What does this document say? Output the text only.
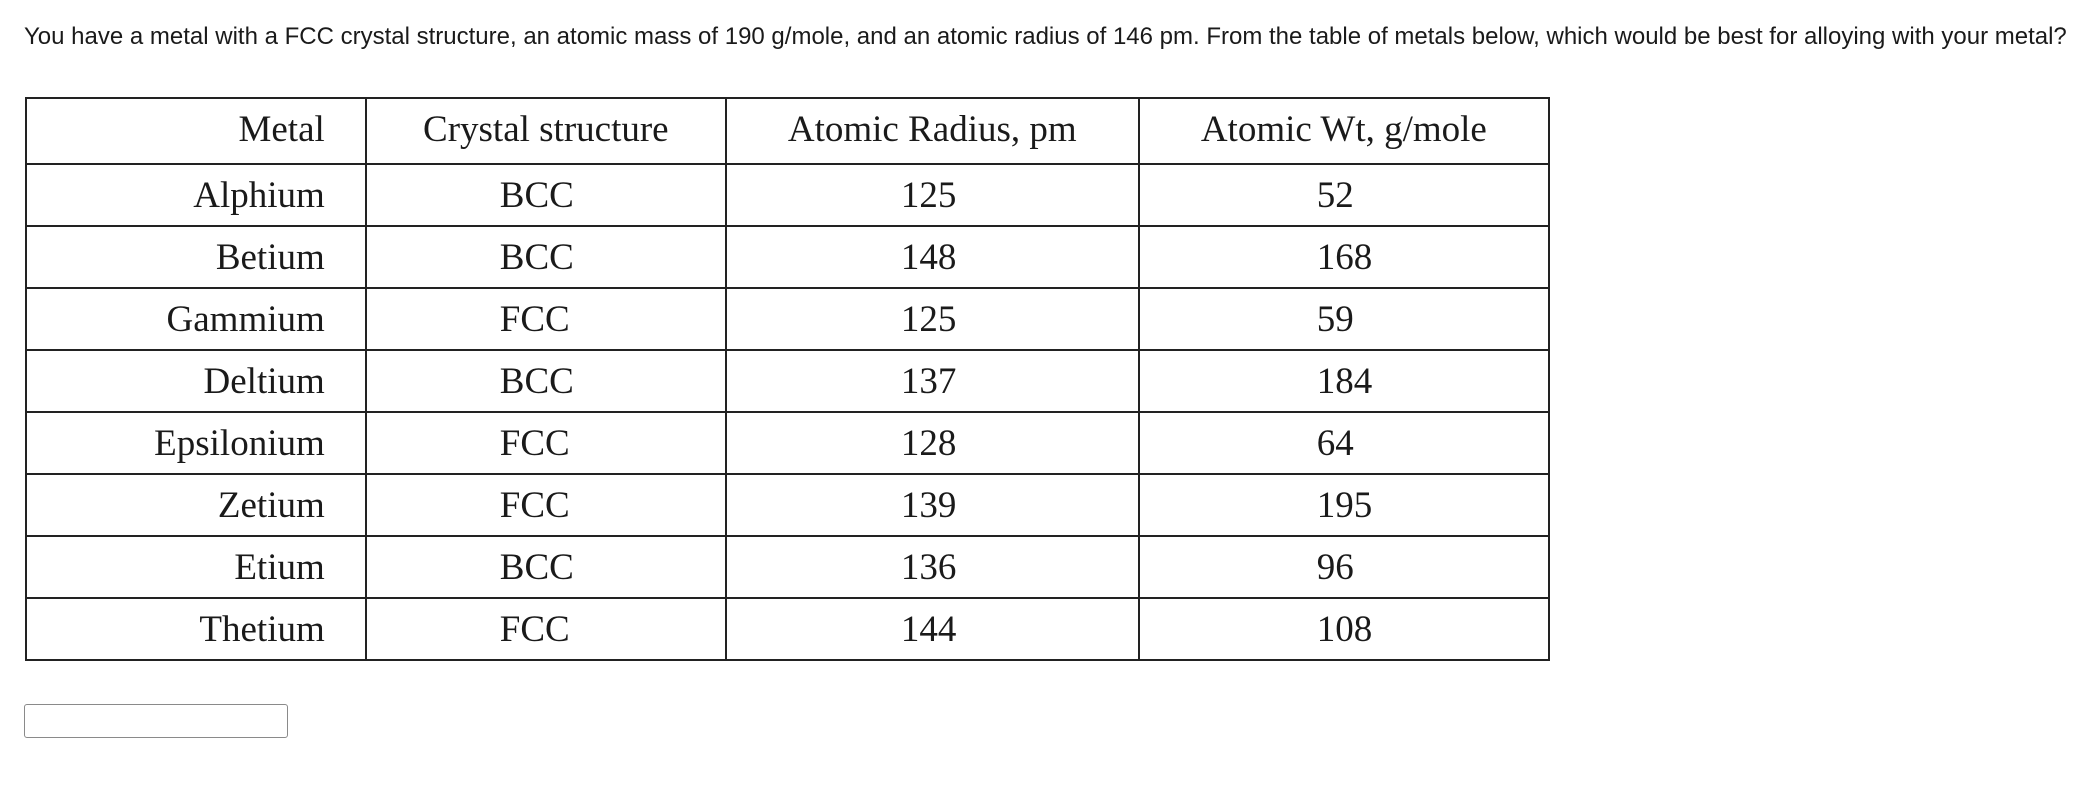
You have a metal with a FCC crystal structure, an atomic mass of 190 g/mole, and an atomic radius of 146 pm. From the table of metals below, which would be best for alloying with your metal?

Metal	Crystal structure	Atomic Radius, pm	Atomic Wt, g/mole
Alphium	BCC	125	52
Betium	BCC	148	168
Gammium	FCC	125	59
Deltium	BCC	137	184
Epsilonium	FCC	128	64
Zetium	FCC	139	195
Etium	BCC	136	96
Thetium	FCC	144	108
